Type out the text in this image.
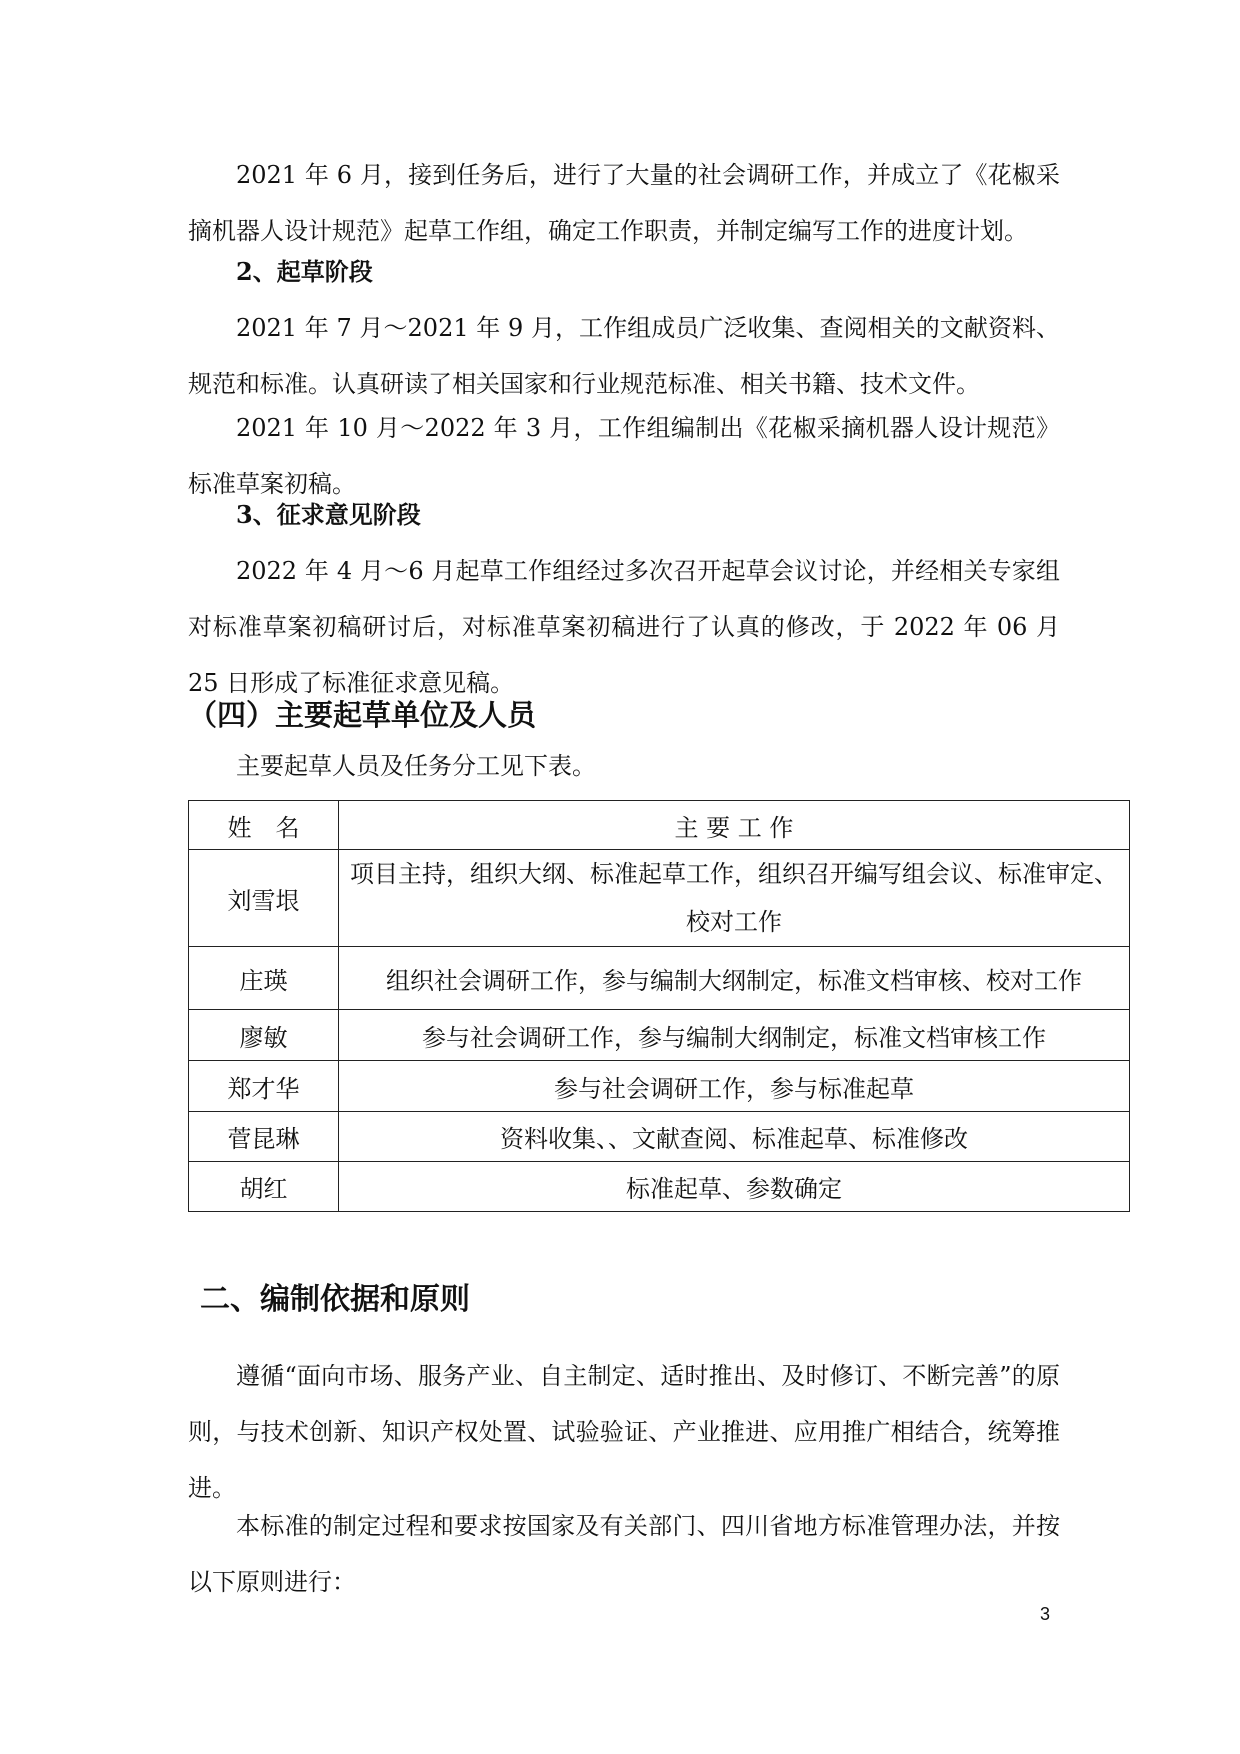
2021 年 6 月，接到任务后，进行了大量的社会调研工作，并成立了《花椒采摘机器人设计规范》起草工作组，确定工作职责，并制定编写工作的进度计划。
2、起草阶段
2021 年 7 月～2021 年 9 月，工作组成员广泛收集、查阅相关的文献资料、规范和标准。认真研读了相关国家和行业规范标准、相关书籍、技术文件。
2021 年 10 月～2022 年 3 月，工作组编制出《花椒采摘机器人设计规范》标准草案初稿。
3、征求意见阶段
2022 年 4 月～6 月起草工作组经过多次召开起草会议讨论，并经相关专家组对标准草案初稿研讨后，对标准草案初稿进行了认真的修改，于 2022 年 06 月 25 日形成了标准征求意见稿。
（四）主要起草单位及人员
主要起草人员及任务分工见下表。
姓　名	主 要 工 作
刘雪垠	项目主持，组织大纲、标准起草工作，组织召开编写组会议、标准审定、校对工作
庄瑛	组织社会调研工作，参与编制大纲制定，标准文档审核、校对工作
廖敏	参与社会调研工作，参与编制大纲制定，标准文档审核工作
郑才华	参与社会调研工作，参与标准起草
菅昆琳	资料收集、、文献查阅、标准起草、标准修改
胡红	标准起草、参数确定
二、编制依据和原则
遵循“面向市场、服务产业、自主制定、适时推出、及时修订、不断完善”的原则，与技术创新、知识产权处置、试验验证、产业推进、应用推广相结合，统筹推进。
本标准的制定过程和要求按国家及有关部门、四川省地方标准管理办法，并按以下原则进行：
3
